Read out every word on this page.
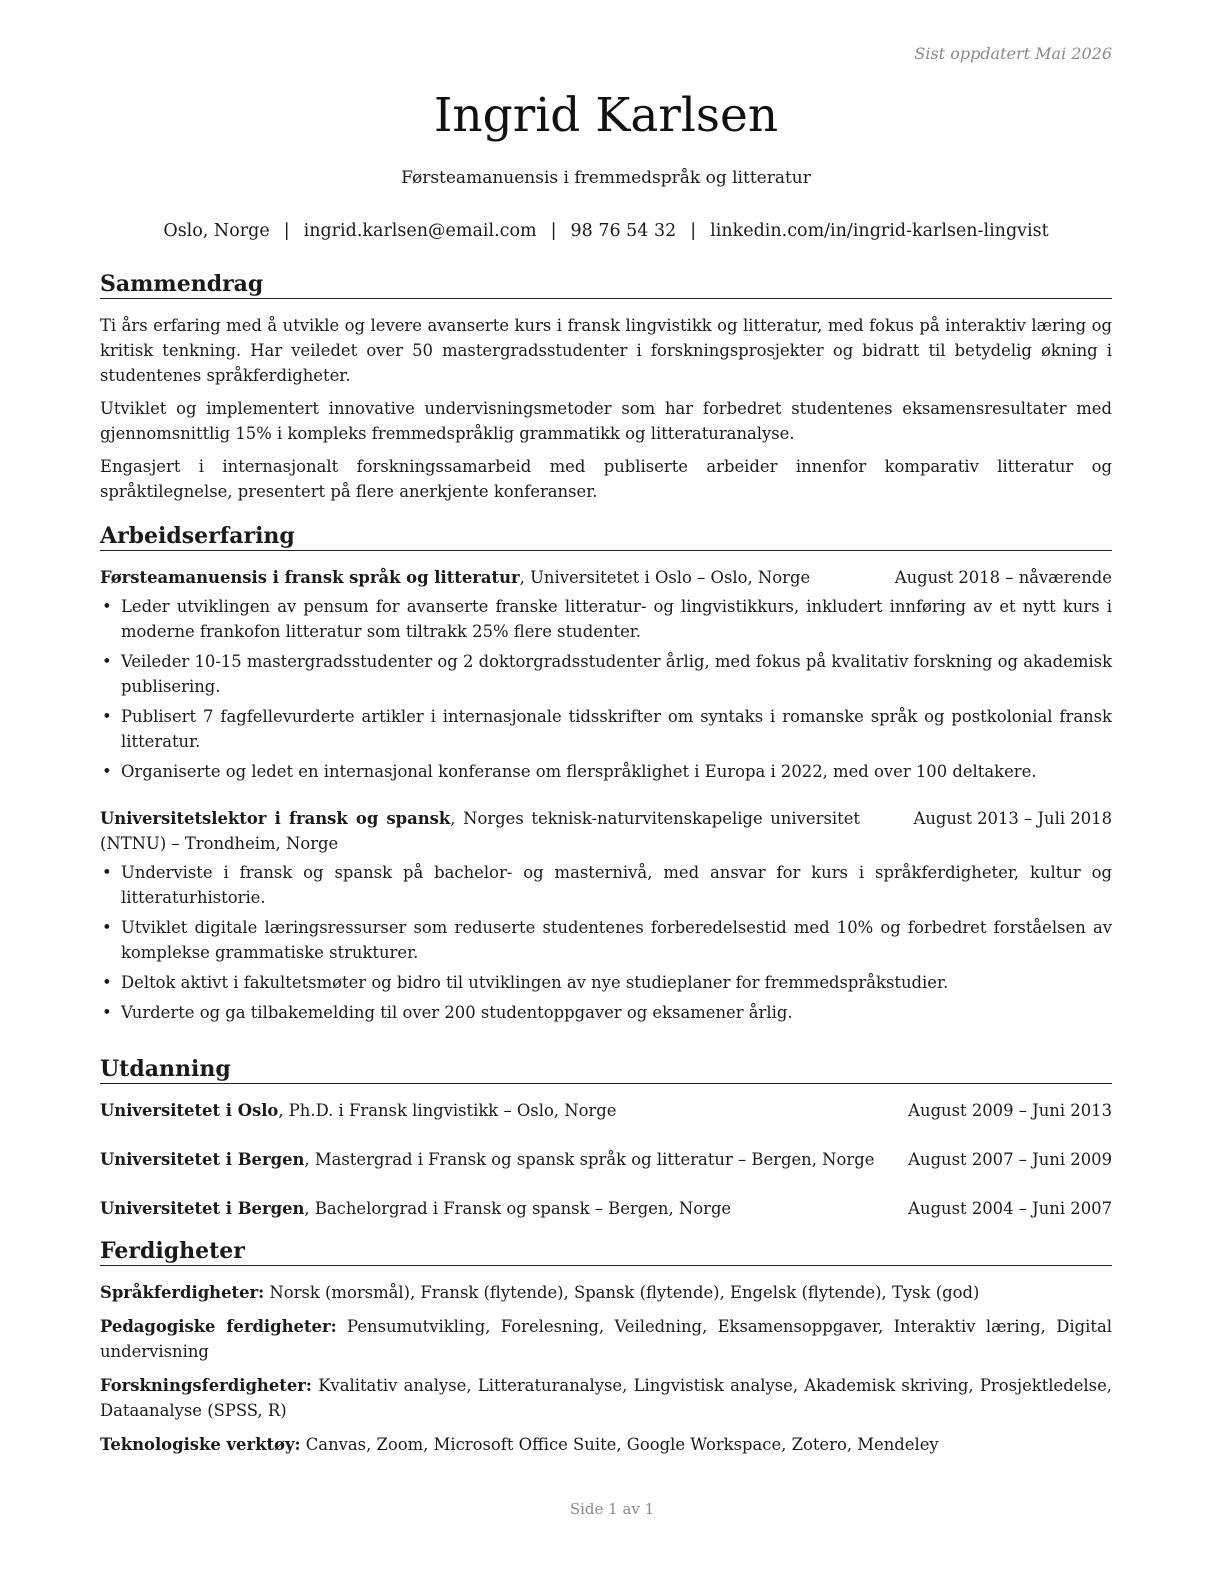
Sist oppdatert Mai 2026
Ingrid Karlsen
Førsteamanuensis i fremmedspråk og litteratur
Oslo, Norge | ingrid.karlsen@email.com | 98 76 54 32 | linkedin.com/in/ingrid-karlsen-lingvist
Sammendrag

Ti års erfaring med å utvikle og levere avanserte kurs i fransk lingvistikk og litteratur, med fokus på interaktiv læring og kritisk tenkning. Har veiledet over 50 mastergradsstudenter i forskningsprosjekter og bidratt til betydelig økning i studentenes språkferdigheter.

Utviklet og implementert innovative undervisningsmetoder som har forbedret studentenes eksamensresultater med gjennomsnittlig 15% i kompleks fremmedspråklig grammatikk og litteraturanalyse.

Engasjert i internasjonalt forskningssamarbeid med publiserte arbeider innenfor komparativ litteratur og språktilegnelse, presentert på flere anerkjente konferanser.

Arbeidserfaring
Førsteamanuensis i fransk språk og litteratur, Universitetet i Oslo – Oslo, Norge	August 2018 – nåværende
• Leder utviklingen av pensum for avanserte franske litteratur- og lingvistikkurs, inkludert innføring av et nytt kurs i moderne frankofon litteratur som tiltrakk 25% flere studenter.
• Veileder 10-15 mastergradsstudenter og 2 doktorgradsstudenter årlig, med fokus på kvalitativ forskning og akademisk publisering.
• Publisert 7 fagfellevurderte artikler i internasjonale tidsskrifter om syntaks i romanske språk og postkolonial fransk litteratur.
• Organiserte og ledet en internasjonal konferanse om flerspråklighet i Europa i 2022, med over 100 deltakere.
Universitetslektor i fransk og spansk, Norges teknisk-naturvitenskapelige universitet (NTNU) – Trondheim, Norge
August 2013 – Juli 2018
• Underviste i fransk og spansk på bachelor- og masternivå, med ansvar for kurs i språkferdigheter, kultur og litteraturhistorie.
• Utviklet digitale læringsressurser som reduserte studentenes forberedelsestid med 10% og forbedret forståelsen av komplekse grammatiske strukturer.
• Deltok aktivt i fakultetsmøter og bidro til utviklingen av nye studieplaner for fremmedspråkstudier.
• Vurderte og ga tilbakemelding til over 200 studentoppgaver og eksamener årlig.
Utdanning
Universitetet i Oslo, Ph.D. i Fransk lingvistikk – Oslo, Norge	August 2009 – Juni 2013
Universitetet i Bergen, Mastergrad i Fransk og spansk språk og litteratur – Bergen, Norge August 2007 – Juni 2009
Universitetet i Bergen, Bachelorgrad i Fransk og spansk – Bergen, Norge	August 2004 – Juni 2007
Ferdigheter

Språkferdigheter: Norsk (morsmål), Fransk (flytende), Spansk (flytende), Engelsk (flytende), Tysk (god)

Pedagogiske ferdigheter: Pensumutvikling, Forelesning, Veiledning, Eksamensoppgaver, Interaktiv læring, Digital undervisning

Forskningsferdigheter: Kvalitativ analyse, Litteraturanalyse, Lingvistisk analyse, Akademisk skriving, Prosjektledelse, Dataanalyse (SPSS, R)

Teknologiske verktøy: Canvas, Zoom, Microsoft Office Suite, Google Workspace, Zotero, Mendeley

Side 1 av 1
